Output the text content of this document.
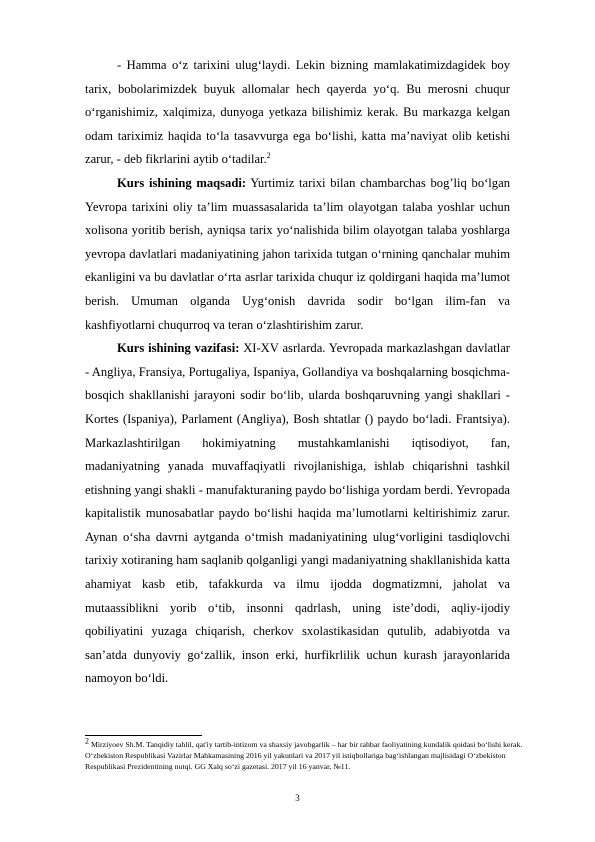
- Hamma o‘z tarixini ulug‘laydi. Lekin bizning mamlakatimizdagidek boy tarix, bobolarimizdek buyuk allomalar hech qayerda yo‘q. Bu merosni chuqur o‘rganishimiz, xalqimiza, dunyoga yetkaza bilishimiz kerak. Bu markazga kelgan odam tariximiz haqida to‘la tasavvurga ega bo‘lishi, katta ma’naviyat olib ketishi zarur, - deb fikrlarini aytib o‘tadilar.$^2$

Kurs ishining maqsadi: Yurtimiz tarixi bilan chambarchas bog’liq bo‘lgan Yevropa tarixini oliy ta’lim muassasalarida ta’lim olayotgan talaba yoshlar uchun xolisona yoritib berish, ayniqsa tarix yo‘nalishida bilim olayotgan talaba yoshlarga yevropa davlatlari madaniyatining jahon tarixida tutgan o‘rnining qanchalar muhim ekanligini va bu davlatlar o‘rta asrlar tarixida chuqur iz qoldirgani haqida ma’lumot berish. Umuman olganda Uyg‘onish davrida sodir bo‘lgan ilim-fan va kashfiyotlarni chuqurroq va teran o‘zlashtirishim zarur.

Kurs ishining vazifasi: XI-XV asrlarda. Yevropada markazlashgan davlatlar - Angliya, Fransiya, Portugaliya, Ispaniya, Gollandiya va boshqalarning bosqichma-bosqich shakllanishi jarayoni sodir bo‘lib, ularda boshqaruvning yangi shakllari - Kortes (Ispaniya), Parlament (Angliya), Bosh shtatlar () paydo bo‘ladi. Frantsiya). Markazlashtirilgan hokimiyatning mustahkamlanishi iqtisodiyot, fan, madaniyatning yanada muvaffaqiyatli rivojlanishiga, ishlab chiqarishni tashkil etishning yangi shakli - manufakturaning paydo bo‘lishiga yordam berdi. Yevropada kapitalistik munosabatlar paydo bo‘lishi haqida ma’lumotlarni keltirishimiz zarur. Aynan o‘sha davrni aytganda o‘tmish madaniyatining ulug‘vorligini tasdiqlovchi tarixiy xotiraning ham saqlanib qolganligi yangi madaniyatning shakllanishida katta ahamiyat kasb etib, tafakkurda va ilmu ijodda dogmatizmni, jaholat va mutaassiblikni yorib o‘tib, insonni qadrlash, uning iste’dodi, aqliy-ijodiy qobiliyatini yuzaga chiqarish, cherkov sxolastikasidan qutulib, adabiyotda va san’atda dunyoviy go‘zallik, inson erki, hurfikrlilik uchun kurash jarayonlarida namoyon bo‘ldi.

$^2$ Mirziyoev Sh.M. Tanqidiy tahlil, qat'iy tartib-intizom va shaxsiy javobgarlik – har bir rahbar faoliyatining kundalik qoidasi bo‘lishi kerak. O‘zbekiston Respublikasi Vazirlar Mahkamasining 2016 yil yakunlari va 2017 yil istiqbollariga bag‘ishlangan majlisidagi O‘zbekiston Respublikasi Prezidentining nutqi. GG Xalq so‘zi gazetasi. 2017 yil 16 yanvar, №11.
3
